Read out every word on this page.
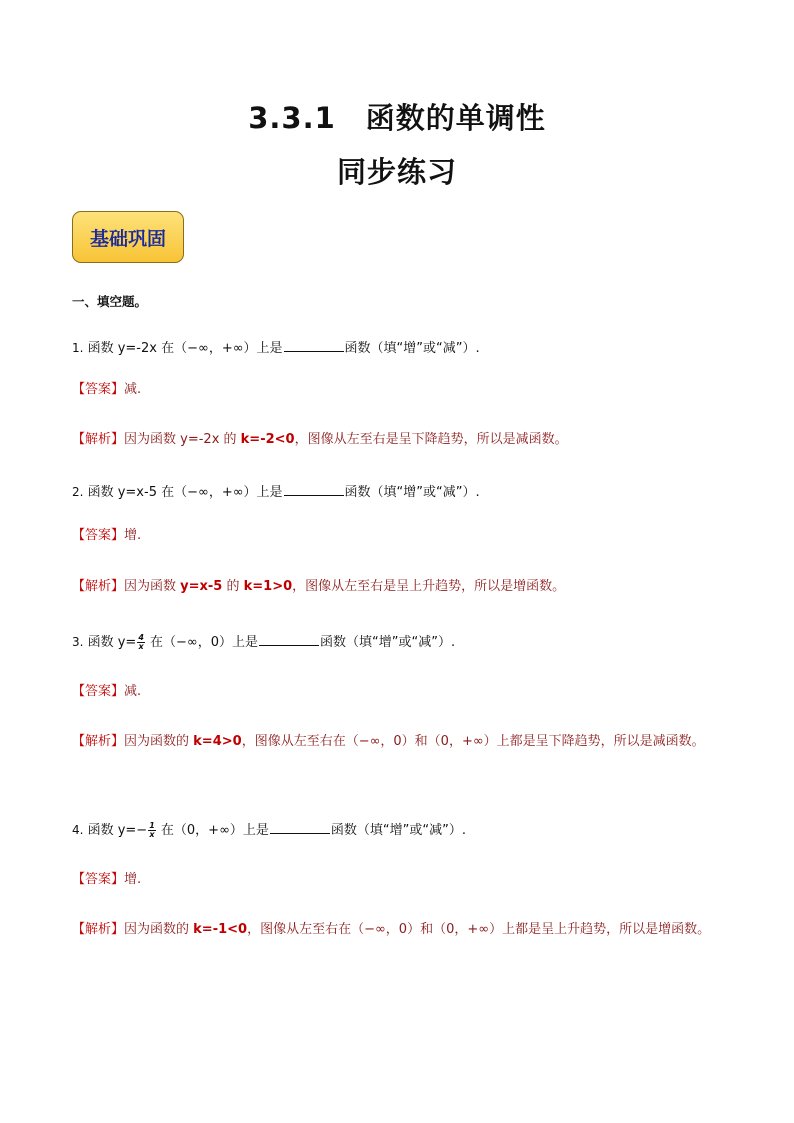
3.3.1　函数的单调性
同步练习
基础巩固
一、填空题。
1. 函数 y=-2x 在（−∞，+∞）上是	函数（填“增”或“减”）.
【答案】减.
【解析】因为函数 y=-2x 的 k=-2<0，图像从左至右是呈下降趋势，所以是减函数。
2. 函数 y=x-5 在（−∞，+∞）上是	函数（填“增”或“减”）.
【答案】增.
【解析】因为函数 y=x-5 的 k=1>0，图像从左至右是呈上升趋势，所以是增函数。
3. 函数 $y= \frac{4}{x}$ 在（−∞，0）上是	函数（填“增”或“减”）.
【答案】减.
【解析】因为函数的 k=4>0，图像从左至右在（−∞，0）和（0，+∞）上都是呈下降趋势，所以是减函数。
4. 函数 $y=- \frac{1}{x}$ 在（0，+∞）上是	函数（填“增”或“减”）.
【答案】增.
【解析】因为函数的 k=-1<0，图像从左至右在（−∞，0）和（0，+∞）上都是呈上升趋势，所以是增函数。
